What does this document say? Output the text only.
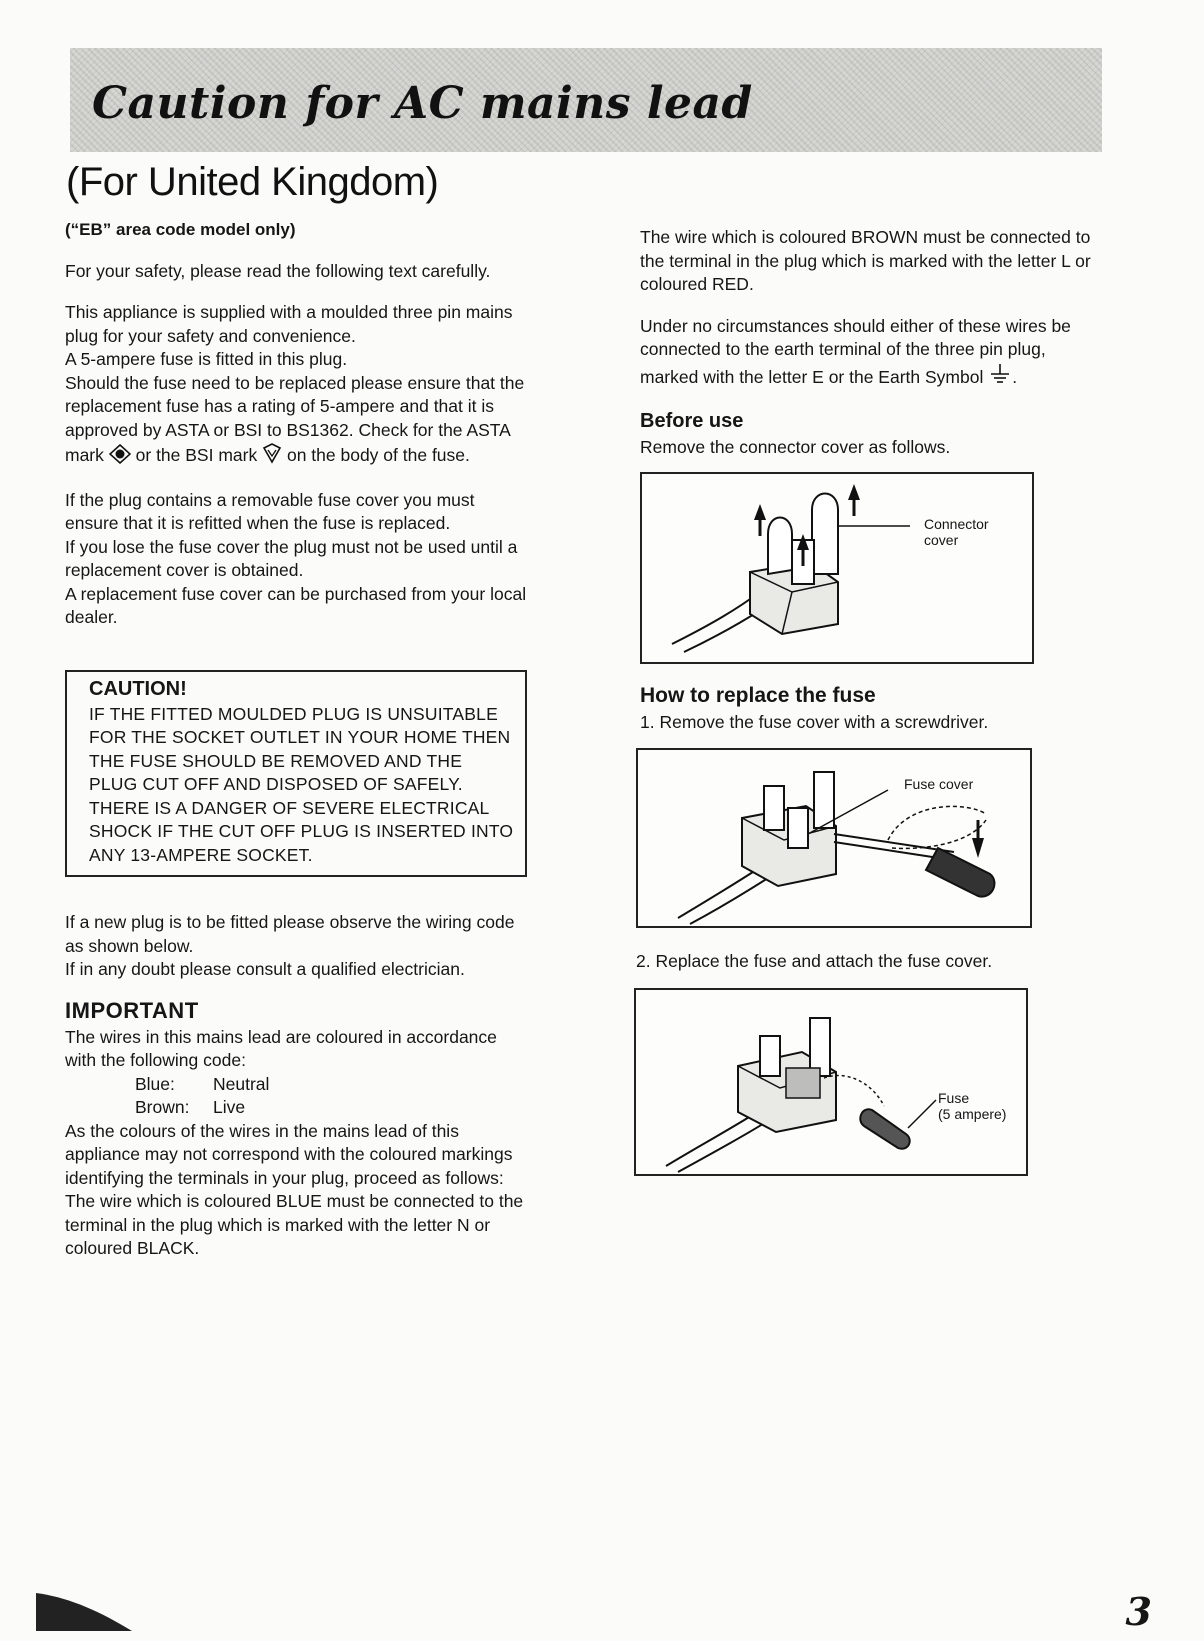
Caution for AC mains lead
(For United Kingdom)

(“EB” area code model only)

For your safety, please read the following text carefully.

This appliance is supplied with a moulded three pin mains plug for your safety and convenience.

A 5-ampere fuse is fitted in this plug.

Should the fuse need to be replaced please ensure that the replacement fuse has a rating of 5-ampere and that it is approved by ASTA or BSI to BS1362. Check for the ASTA mark or the BSI mark on the body of the fuse.

If the plug contains a removable fuse cover you must ensure that it is refitted when the fuse is replaced.

If you lose the fuse cover the plug must not be used until a replacement cover is obtained.

A replacement fuse cover can be purchased from your local dealer.

CAUTION!

IF THE FITTED MOULDED PLUG IS UNSUITABLE FOR THE SOCKET OUTLET IN YOUR HOME THEN THE FUSE SHOULD BE REMOVED AND THE PLUG CUT OFF AND DISPOSED OF SAFELY.

THERE IS A DANGER OF SEVERE ELECTRICAL SHOCK IF THE CUT OFF PLUG IS INSERTED INTO ANY 13-AMPERE SOCKET.

If a new plug is to be fitted please observe the wiring code as shown below.

If in any doubt please consult a qualified electrician.

IMPORTANT

The wires in this mains lead are coloured in accordance with the following code:

Blue: Neutral
Brown: Live

As the colours of the wires in the mains lead of this appliance may not correspond with the coloured markings identifying the terminals in your plug, proceed as follows:

The wire which is coloured BLUE must be connected to the terminal in the plug which is marked with the letter N or coloured BLACK.

The wire which is coloured BROWN must be connected to the terminal in the plug which is marked with the letter L or coloured RED.

Under no circumstances should either of these wires be connected to the earth terminal of the three pin plug, marked with the letter E or the Earth Symbol .

Before use

Remove the connector cover as follows.

Connector
cover
How to replace the fuse

1. Remove the fuse cover with a screwdriver.

Fuse cover

2. Replace the fuse and attach the fuse cover.

Fuse
(5 ampere)

3
